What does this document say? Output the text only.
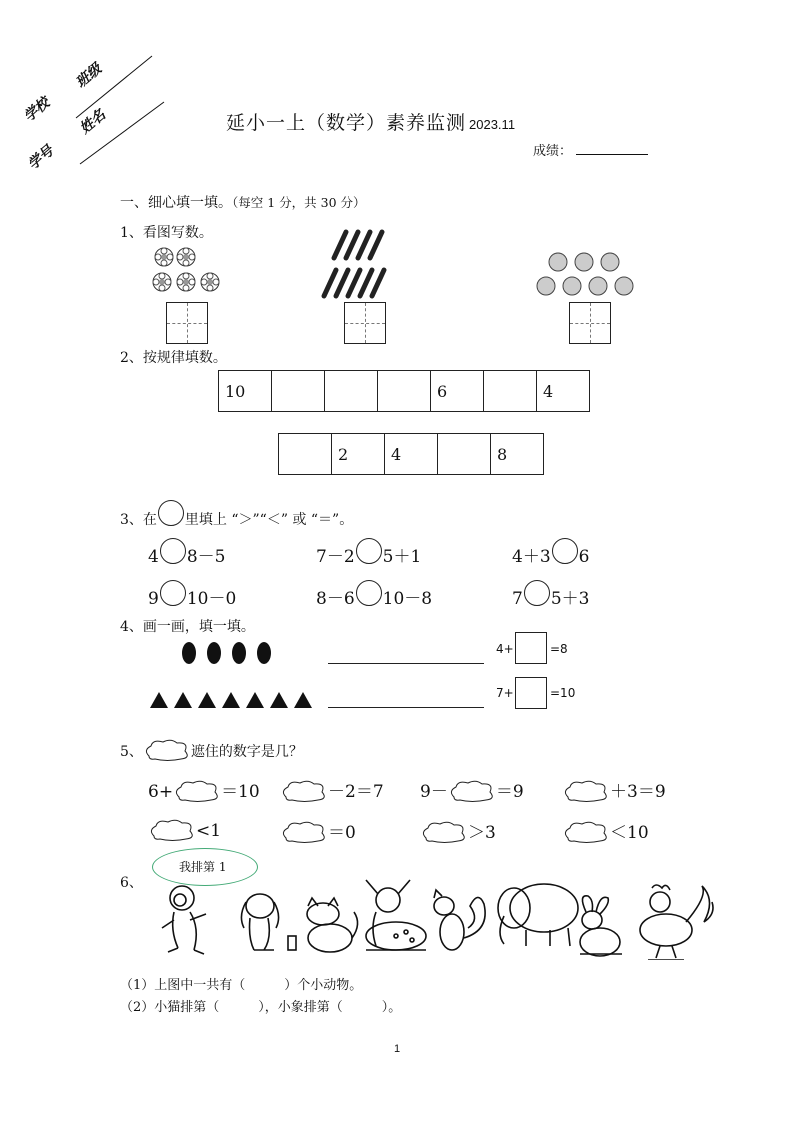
学校
班级
学号
姓名	延小一上（数学）素养监测 2023.11
成绩：
一、细心填一填。（每空 1 分，共 30 分）
1、看图写数。
2、按规律填数。
10				6		4
	2	4		8
3、在 里填上 “＞”“＜” 或 “＝”。
4 8－5	7－2 5＋1	4＋3 6
9 10－0	8－6 10－8	7 5＋3
4、画一画，填一填。
4+	=8
7+	=10
5、	遮住的数字是几？
6+	＝10	－2＝7 9－	＝9	＋3＝9
<1	＝0	＞3	＜10
我排第 1
6、
（1）上图中一共有（　　　）个小动物。
（2）小猫排第（　　　），小象排第（　　　）。
1
